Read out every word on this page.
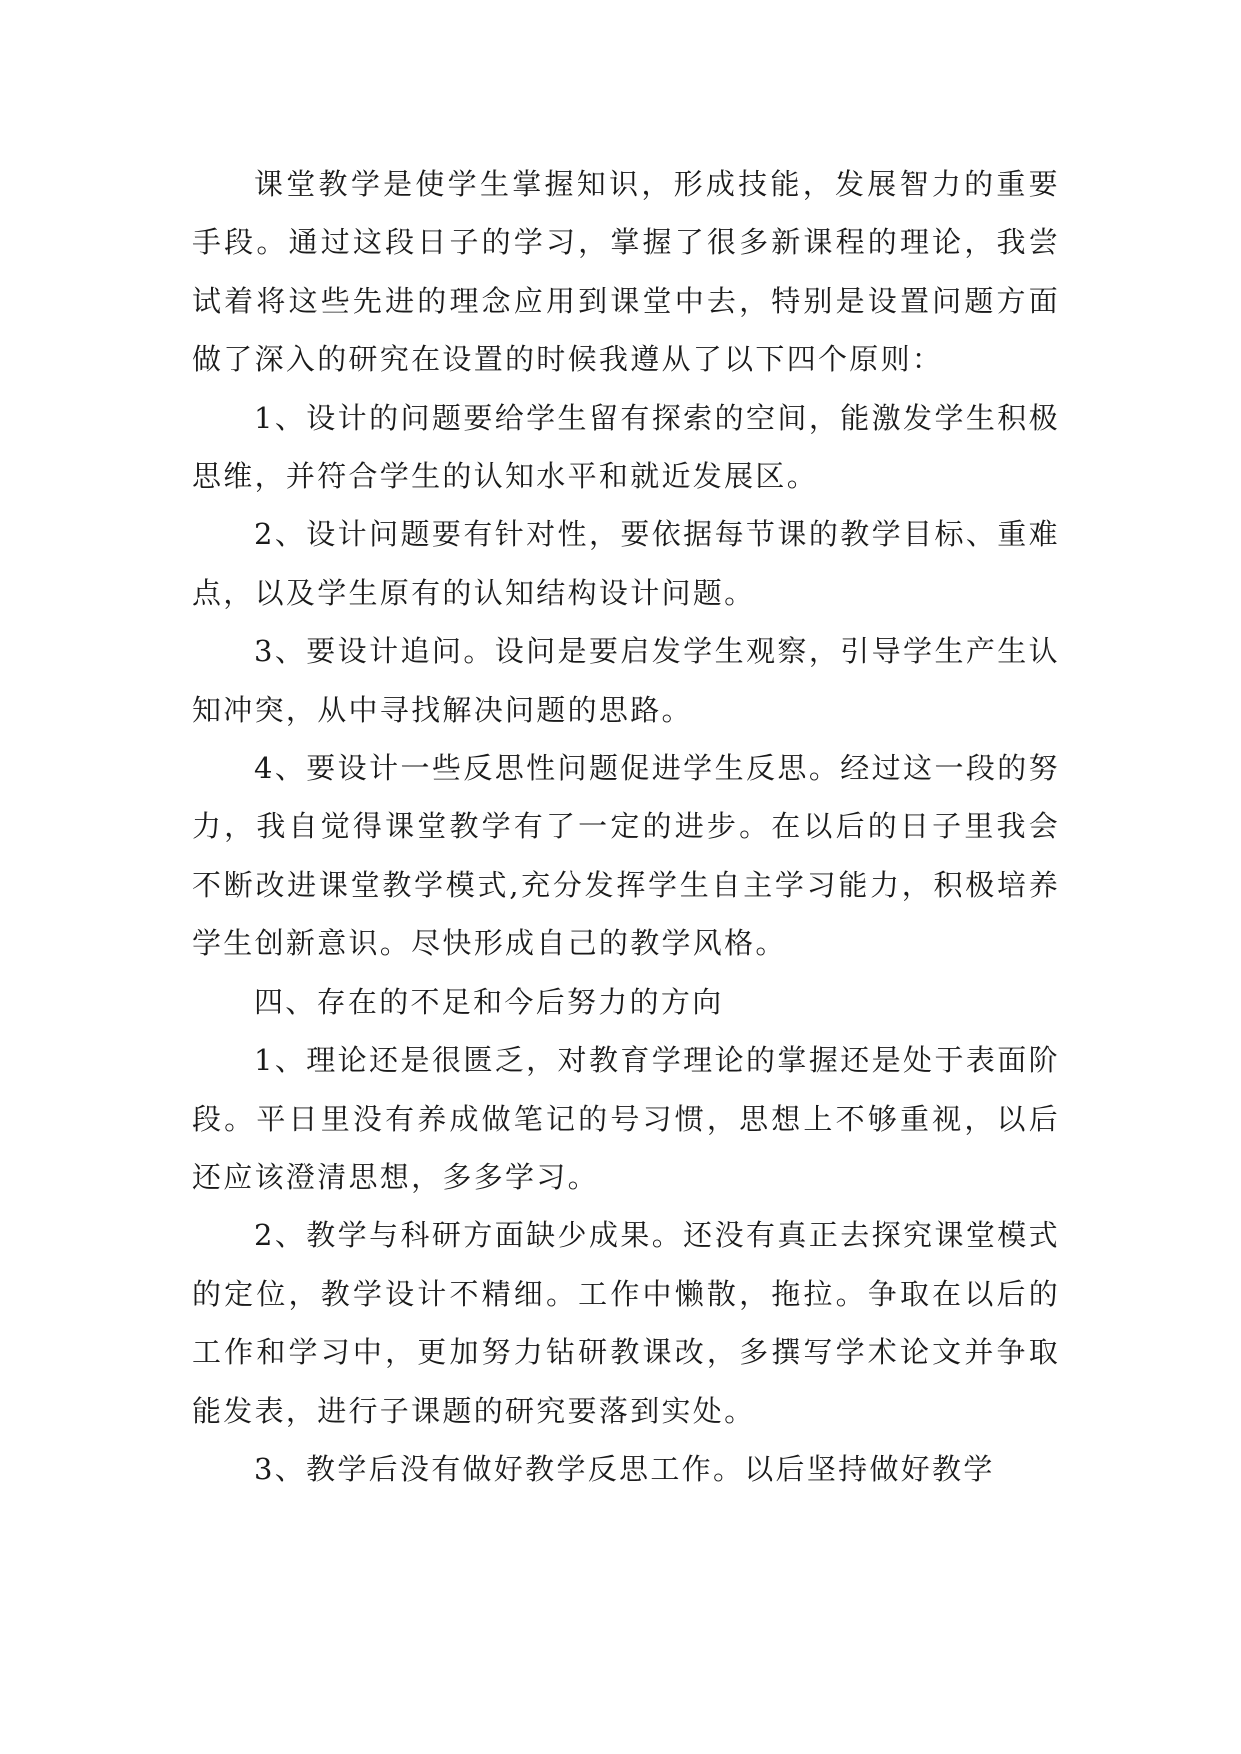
课堂教学是使学生掌握知识，形成技能，发展智力的重要手段。通过这段日子的学习，掌握了很多新课程的理论，我尝试着将这些先进的理念应用到课堂中去，特别是设置问题方面做了深入的研究在设置的时候我遵从了以下四个原则：

1、设计的问题要给学生留有探索的空间，能激发学生积极思维，并符合学生的认知水平和就近发展区。

2、设计问题要有针对性，要依据每节课的教学目标、重难点，以及学生原有的认知结构设计问题。

3、要设计追问。设问是要启发学生观察，引导学生产生认知冲突，从中寻找解决问题的思路。

4、要设计一些反思性问题促进学生反思。经过这一段的努力，我自觉得课堂教学有了一定的进步。在以后的日子里我会不断改进课堂教学模式,充分发挥学生自主学习能力，积极培养学生创新意识。尽快形成自己的教学风格。

四、存在的不足和今后努力的方向

1、理论还是很匮乏，对教育学理论的掌握还是处于表面阶段。平日里没有养成做笔记的号习惯，思想上不够重视，以后还应该澄清思想，多多学习。

2、教学与科研方面缺少成果。还没有真正去探究课堂模式的定位，教学设计不精细。工作中懒散，拖拉。争取在以后的工作和学习中，更加努力钻研教课改，多撰写学术论文并争取能发表，进行子课题的研究要落到实处。

3、教学后没有做好教学反思工作。以后坚持做好教学
